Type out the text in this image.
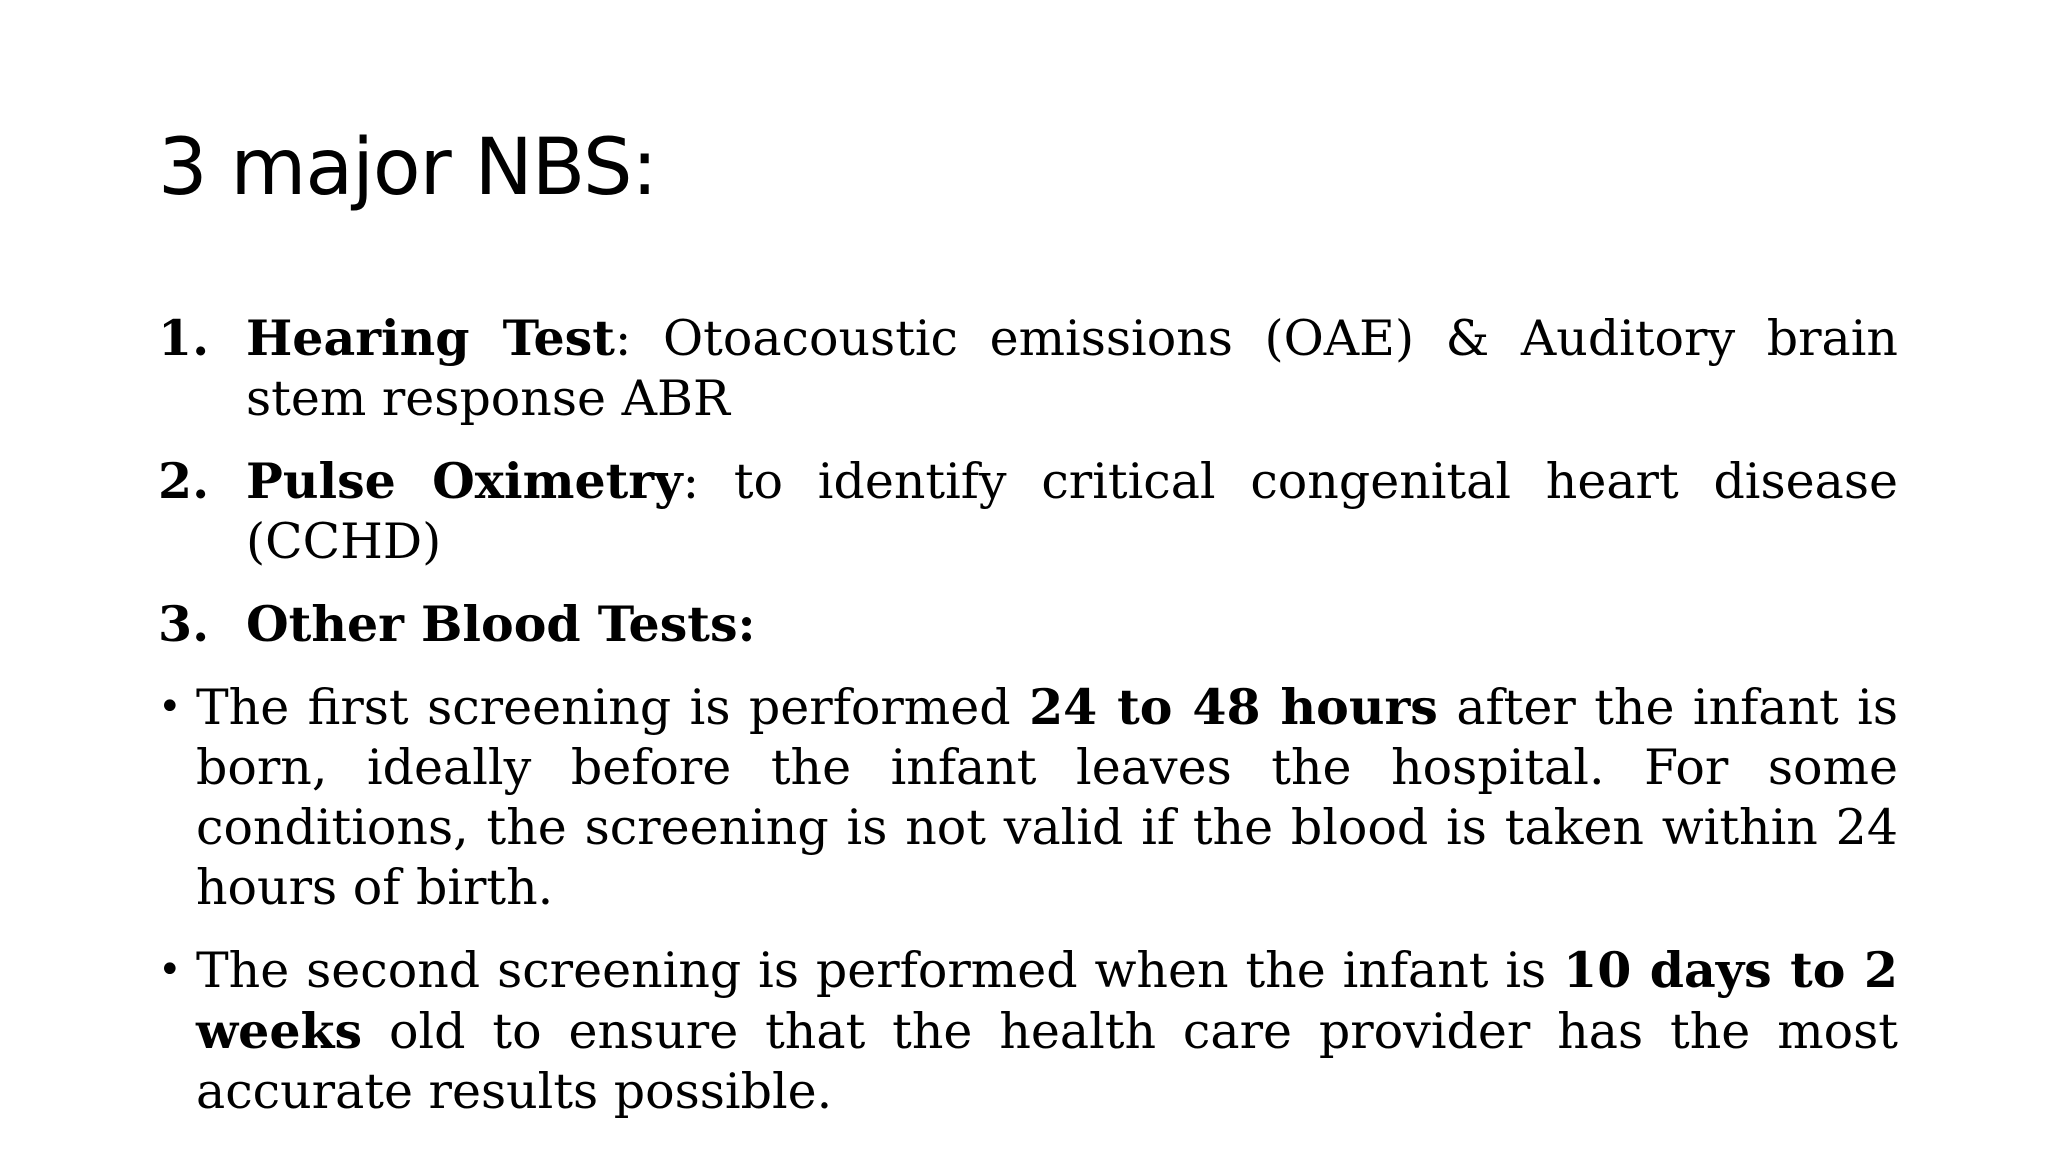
3 major NBS:
1. Hearing Test: Otoacoustic emissions (OAE) & Auditory brain stem response ABR
2. Pulse Oximetry: to identify critical congenital heart disease (CCHD)
3. Other Blood Tests:
• The first screening is performed 24 to 48 hours after the infant is born, ideally before the infant leaves the hospital. For some conditions, the screening is not valid if the blood is taken within 24 hours of birth.
• The second screening is performed when the infant is 10 days to 2 weeks old to ensure that the health care provider has the most accurate results possible.
